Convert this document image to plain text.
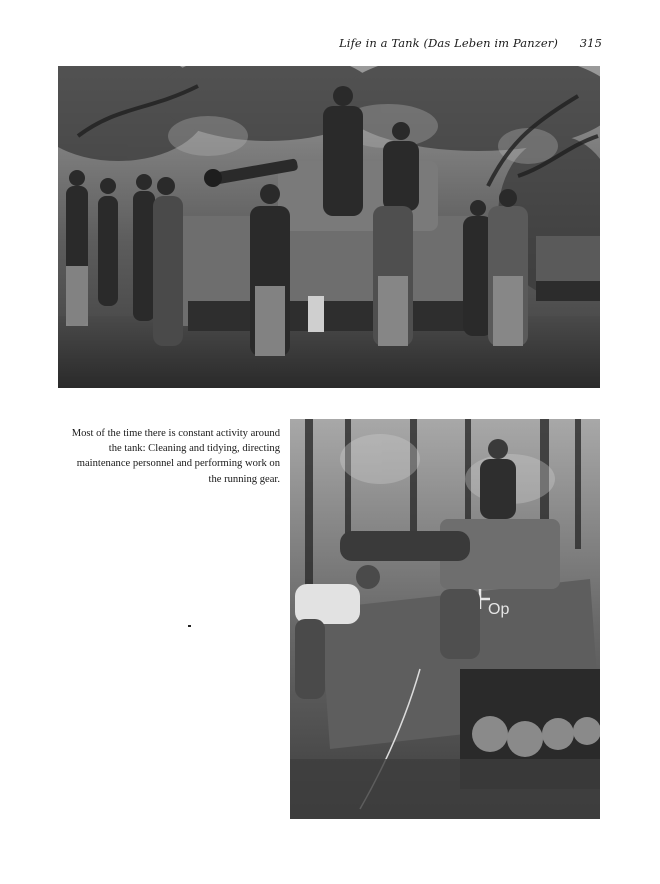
Life in a Tank (Das Leben im Panzer) 315
Most of the time there is constant activity around the tank: Cleaning and tidying, directing maintenance personnel and performing work on the running gear.
Op
